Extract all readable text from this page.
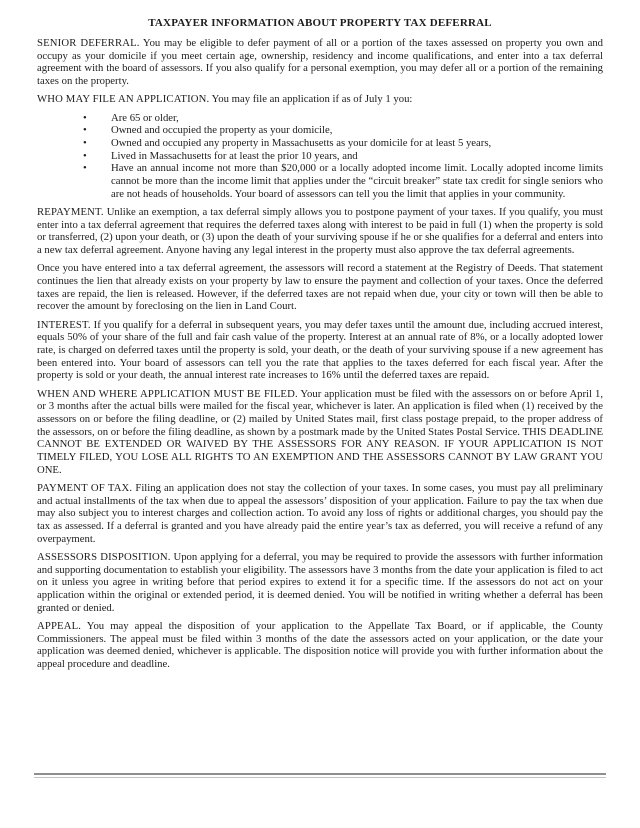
TAXPAYER INFORMATION ABOUT PROPERTY TAX DEFERRAL

SENIOR DEFERRAL. You may be eligible to defer payment of all or a portion of the taxes assessed on property you own and occupy as your domicile if you meet certain age, ownership, residency and income qualifications, and enter into a tax deferral agreement with the board of assessors. If you also qualify for a personal exemption, you may defer all or a portion of the remaining taxes on the property.

WHO MAY FILE AN APPLICATION. You may file an application if as of July 1 you:

•	Are 65 or older,
•	Owned and occupied the property as your domicile,
•	Owned and occupied any property in Massachusetts as your domicile for at least 5 years,
•	Lived in Massachusetts for at least the prior 10 years, and
•	Have an annual income not more than $20,000 or a locally adopted income limit. Locally adopted income limits cannot be more than the income limit that applies under the “circuit breaker” state tax credit for single seniors who are not heads of households. Your board of assessors can tell you the limit that applies in your community.

REPAYMENT. Unlike an exemption, a tax deferral simply allows you to postpone payment of your taxes. If you qualify, you must enter into a tax deferral agreement that requires the deferred taxes along with interest to be paid in full (1) when the property is sold or transferred, (2) upon your death, or (3) upon the death of your surviving spouse if he or she qualifies for a deferral and enters into a new tax deferral agreement. Anyone having any legal interest in the property must also approve the tax deferral agreements.

Once you have entered into a tax deferral agreement, the assessors will record a statement at the Registry of Deeds. That statement continues the lien that already exists on your property by law to ensure the payment and collection of your taxes. Once the deferred taxes are repaid, the lien is released. However, if the deferred taxes are not repaid when due, your city or town will then be able to recover the amount by foreclosing on the lien in Land Court.

INTEREST. If you qualify for a deferral in subsequent years, you may defer taxes until the amount due, including accrued interest, equals 50% of your share of the full and fair cash value of the property. Interest at an annual rate of 8%, or a locally adopted lower rate, is charged on deferred taxes until the property is sold, your death, or the death of your surviving spouse if a new agreement has been entered into. Your board of assessors can tell you the rate that applies to the taxes deferred for each fiscal year. After the property is sold or your death, the annual interest rate increases to 16% until the deferred taxes are repaid.

WHEN AND WHERE APPLICATION MUST BE FILED. Your application must be filed with the assessors on or before April 1, or 3 months after the actual bills were mailed for the fiscal year, whichever is later. An application is filed when (1) received by the assessors on or before the filing deadline, or (2) mailed by United States mail, first class postage prepaid, to the proper address of the assessors, on or before the filing deadline, as shown by a postmark made by the United States Postal Service. THIS DEADLINE CANNOT BE EXTENDED OR WAIVED BY THE ASSESSORS FOR ANY REASON. IF YOUR APPLICATION IS NOT TIMELY FILED, YOU LOSE ALL RIGHTS TO AN EXEMPTION AND THE ASSESSORS CANNOT BY LAW GRANT YOU ONE.

PAYMENT OF TAX. Filing an application does not stay the collection of your taxes. In some cases, you must pay all preliminary and actual installments of the tax when due to appeal the assessors’ disposition of your application. Failure to pay the tax when due may also subject you to interest charges and collection action. To avoid any loss of rights or additional charges, you should pay the tax as assessed. If a deferral is granted and you have already paid the entire year’s tax as deferred, you will receive a refund of any overpayment.

ASSESSORS DISPOSITION. Upon applying for a deferral, you may be required to provide the assessors with further information and supporting documentation to establish your eligibility. The assessors have 3 months from the date your application is filed to act on it unless you agree in writing before that period expires to extend it for a specific time. If the assessors do not act on your application within the original or extended period, it is deemed denied. You will be notified in writing whether a deferral has been granted or denied.

APPEAL. You may appeal the disposition of your application to the Appellate Tax Board, or if applicable, the County Commissioners. The appeal must be filed within 3 months of the date the assessors acted on your application, or the date your application was deemed denied, whichever is applicable. The disposition notice will provide you with further information about the appeal procedure and deadline.
